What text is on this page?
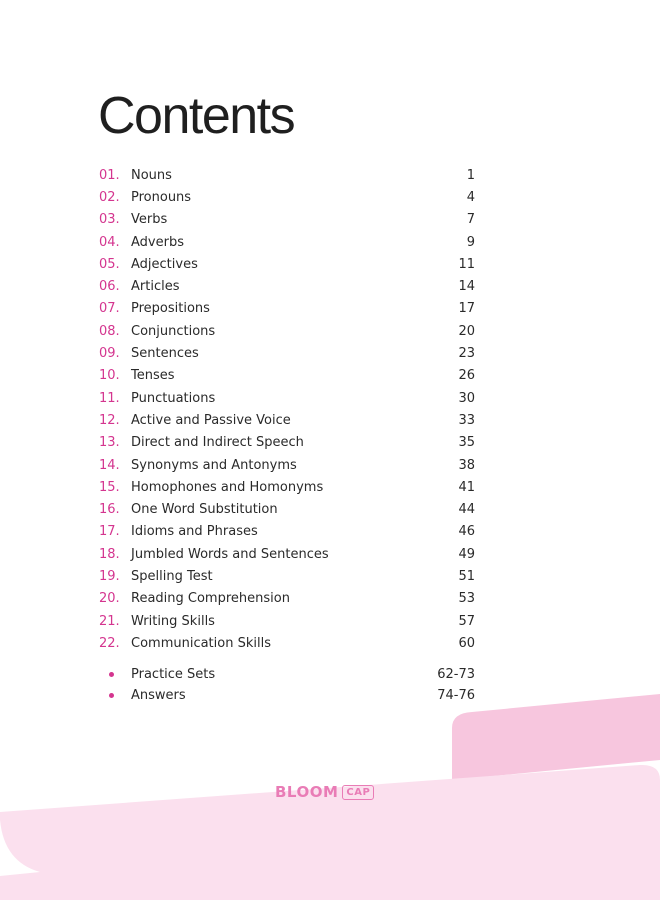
Contents
01. Nouns	1
02. Pronouns	4
03. Verbs	7
04. Adverbs	9
05. Adjectives	11
06. Articles	14
07. Prepositions	17
08. Conjunctions	20
09. Sentences	23
10. Tenses	26
11. Punctuations	30
12. Active and Passive Voice	33
13. Direct and Indirect Speech	35
14. Synonyms and Antonyms	38
15. Homophones and Homonyms	41
16. One Word Substitution	44
17. Idioms and Phrases	46
18. Jumbled Words and Sentences	49
19. Spelling Test	51
20. Reading Comprehension	53
21. Writing Skills	57
22. Communication Skills	60
Practice Sets	62-73
Answers	74-76
BLOOM CAP
